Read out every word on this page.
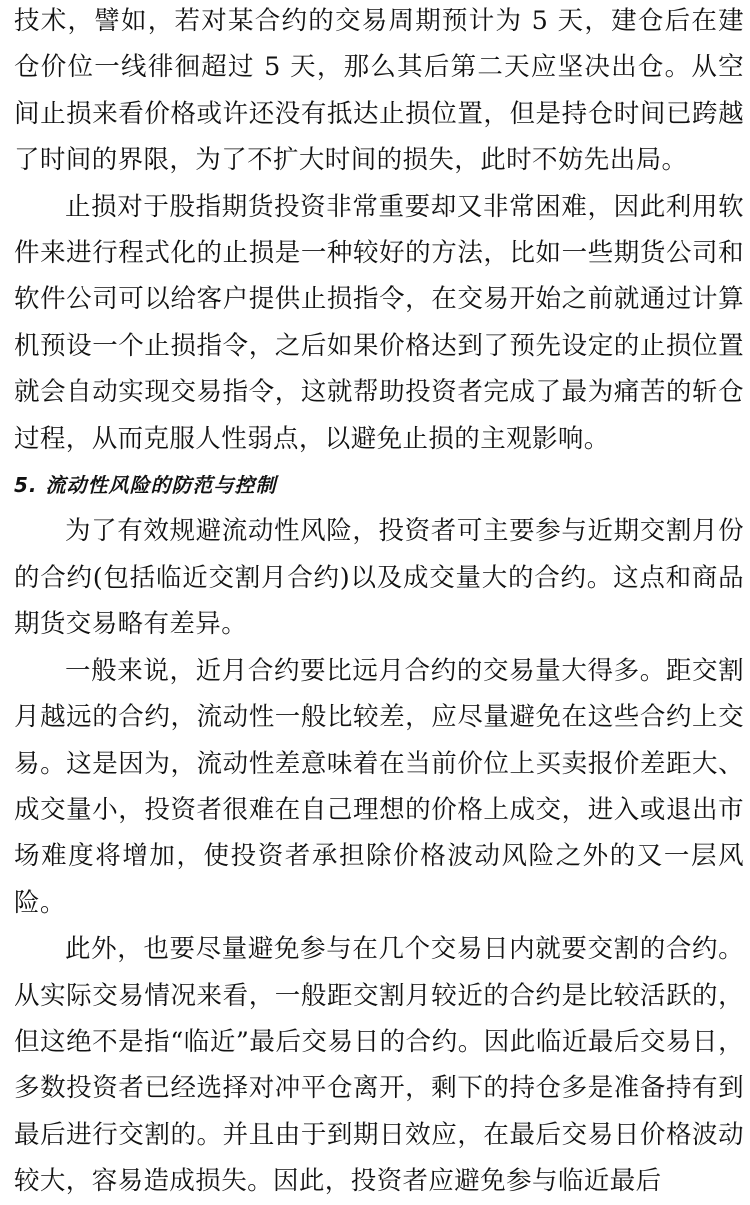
技术，譬如，若对某合约的交易周期预计为 5 天，建仓后在建仓价位一线徘徊超过 5 天，那么其后第二天应坚决出仓。从空间止损来看价格或许还没有抵达止损位置，但是持仓时间已跨越了时间的界限，为了不扩大时间的损失，此时不妨先出局。

止损对于股指期货投资非常重要却又非常困难，因此利用软件来进行程式化的止损是一种较好的方法，比如一些期货公司和软件公司可以给客户提供止损指令，在交易开始之前就通过计算机预设一个止损指令，之后如果价格达到了预先设定的止损位置就会自动实现交易指令，这就帮助投资者完成了最为痛苦的斩仓过程，从而克服人性弱点，以避免止损的主观影响。

5. 流动性风险的防范与控制

为了有效规避流动性风险，投资者可主要参与近期交割月份的合约(包括临近交割月合约)以及成交量大的合约。这点和商品期货交易略有差异。

一般来说，近月合约要比远月合约的交易量大得多。距交割月越远的合约，流动性一般比较差，应尽量避免在这些合约上交易。这是因为，流动性差意味着在当前价位上买卖报价差距大、成交量小，投资者很难在自己理想的价格上成交，进入或退出市场难度将增加，使投资者承担除价格波动风险之外的又一层风险。

此外，也要尽量避免参与在几个交易日内就要交割的合约。从实际交易情况来看，一般距交割月较近的合约是比较活跃的，但这绝不是指“临近”最后交易日的合约。因此临近最后交易日，多数投资者已经选择对冲平仓离开，剩下的持仓多是准备持有到最后进行交割的。并且由于到期日效应，在最后交易日价格波动较大，容易造成损失。因此，投资者应避免参与临近最后
